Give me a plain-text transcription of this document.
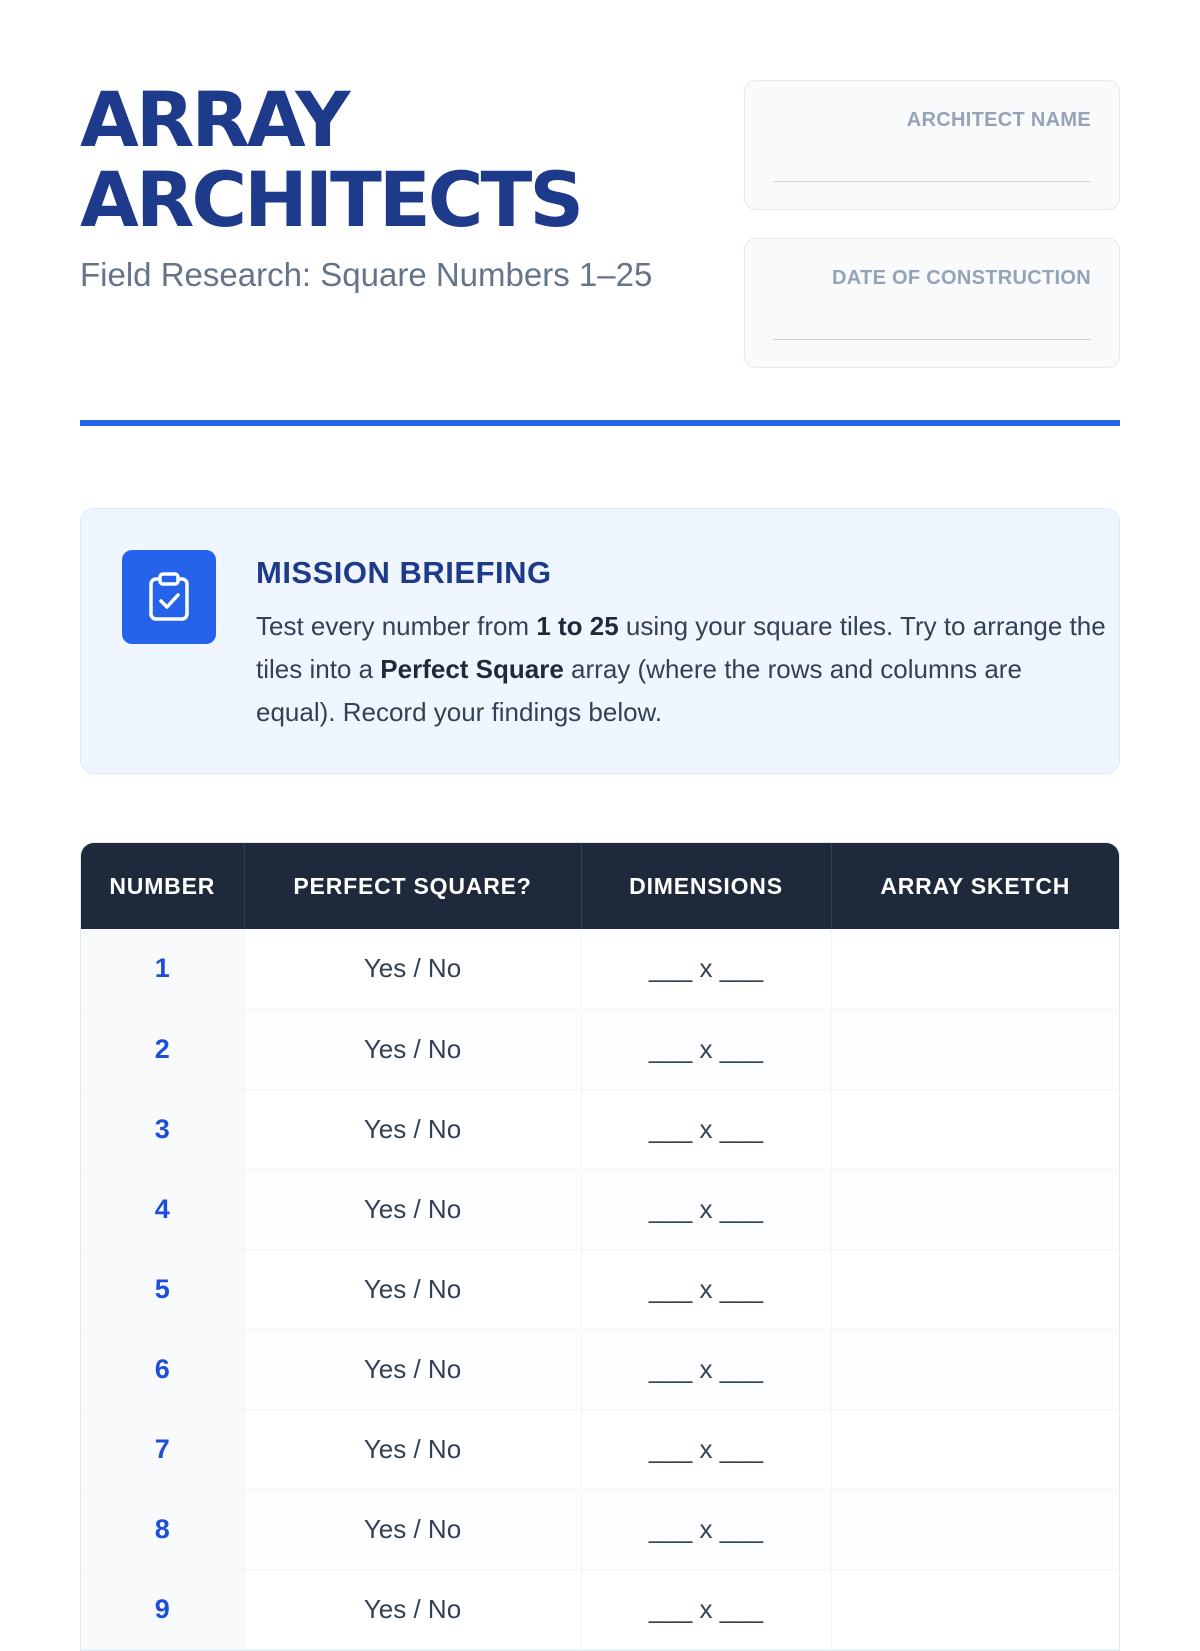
ARRAY
ARCHITECTS
Field Research: Square Numbers 1–25
ARCHITECT NAME
DATE OF CONSTRUCTION
MISSION BRIEFING

Test every number from 1 to 25 using your square tiles. Try to arrange the tiles into a Perfect Square array (where the rows and columns are equal). Record your findings below.

NUMBER	PERFECT SQUARE?	DIMENSIONS	ARRAY SKETCH
1	Yes / No	___ x ___	
2	Yes / No	___ x ___	
3	Yes / No	___ x ___	
4	Yes / No	___ x ___	
5	Yes / No	___ x ___	
6	Yes / No	___ x ___	
7	Yes / No	___ x ___	
8	Yes / No	___ x ___	
9	Yes / No	___ x ___	
